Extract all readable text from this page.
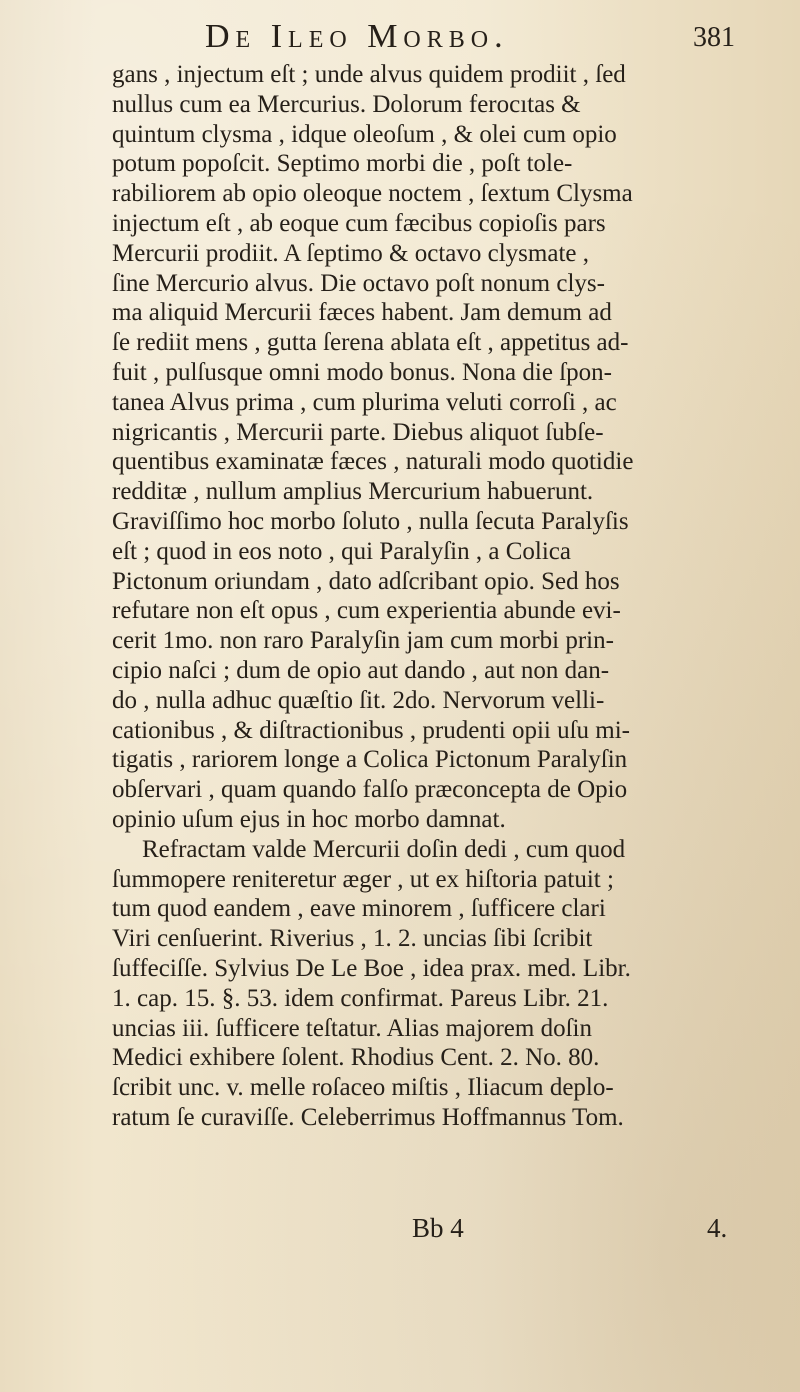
De Ileo Morbo.	381
gans , injectum eſt ; unde alvus quidem prodiit , ſed
nullus cum ea Mercurius. Dolorum ferocıtas &
quintum clysma , idque oleoſum , & olei cum opio
potum popoſcit. Septimo morbi die , poſt tole-
rabiliorem ab opio oleoque noctem , ſextum Clysma
injectum eſt , ab eoque cum fæcibus copioſis pars
Mercurii prodiit. A ſeptimo & octavo clysmate ,
ſine Mercurio alvus. Die octavo poſt nonum clys-
ma aliquid Mercurii fæces habent. Jam demum ad
ſe rediit mens , gutta ſerena ablata eſt , appetitus ad-
fuit , pulſusque omni modo bonus. Nona die ſpon-
tanea Alvus prima , cum plurima veluti corroſi , ac
nigricantis , Mercurii parte. Diebus aliquot ſubſe-
quentibus examinatæ fæces , naturali modo quotidie
redditæ , nullum amplius Mercurium habuerunt.
Graviſſimo hoc morbo ſoluto , nulla ſecuta Paralyſis
eſt ; quod in eos noto , qui Paralyſin , a Colica
Pictonum oriundam , dato adſcribant opio. Sed hos
refutare non eſt opus , cum experientia abunde evi-
cerit 1mo. non raro Paralyſin jam cum morbi prin-
cipio naſci ; dum de opio aut dando , aut non dan-
do , nulla adhuc quæſtio ſit. 2do. Nervorum velli-
cationibus , & diſtractionibus , prudenti opii uſu mi-
tigatis , rariorem longe a Colica Pictonum Paralyſin
obſervari , quam quando falſo præconcepta de Opio
opinio uſum ejus in hoc morbo damnat.
Refractam valde Mercurii doſin dedi , cum quod
ſummopere reniteretur æger , ut ex hiſtoria patuit ;
tum quod eandem , eave minorem , ſufficere clari
Viri cenſuerint. Riverius , 1. 2. uncias ſibi ſcribit
ſuffeciſſe. Sylvius De Le Boe , idea prax. med. Libr.
1. cap. 15. §. 53. idem confirmat. Pareus Libr. 21.
uncias iii. ſufficere teſtatur. Alias majorem doſin
Medici exhibere ſolent. Rhodius Cent. 2. No. 80.
ſcribit unc. v. melle roſaceo miſtis , Iliacum deplo-
ratum ſe curaviſſe. Celeberrimus Hoffmannus Tom.
Bb 4	4.
